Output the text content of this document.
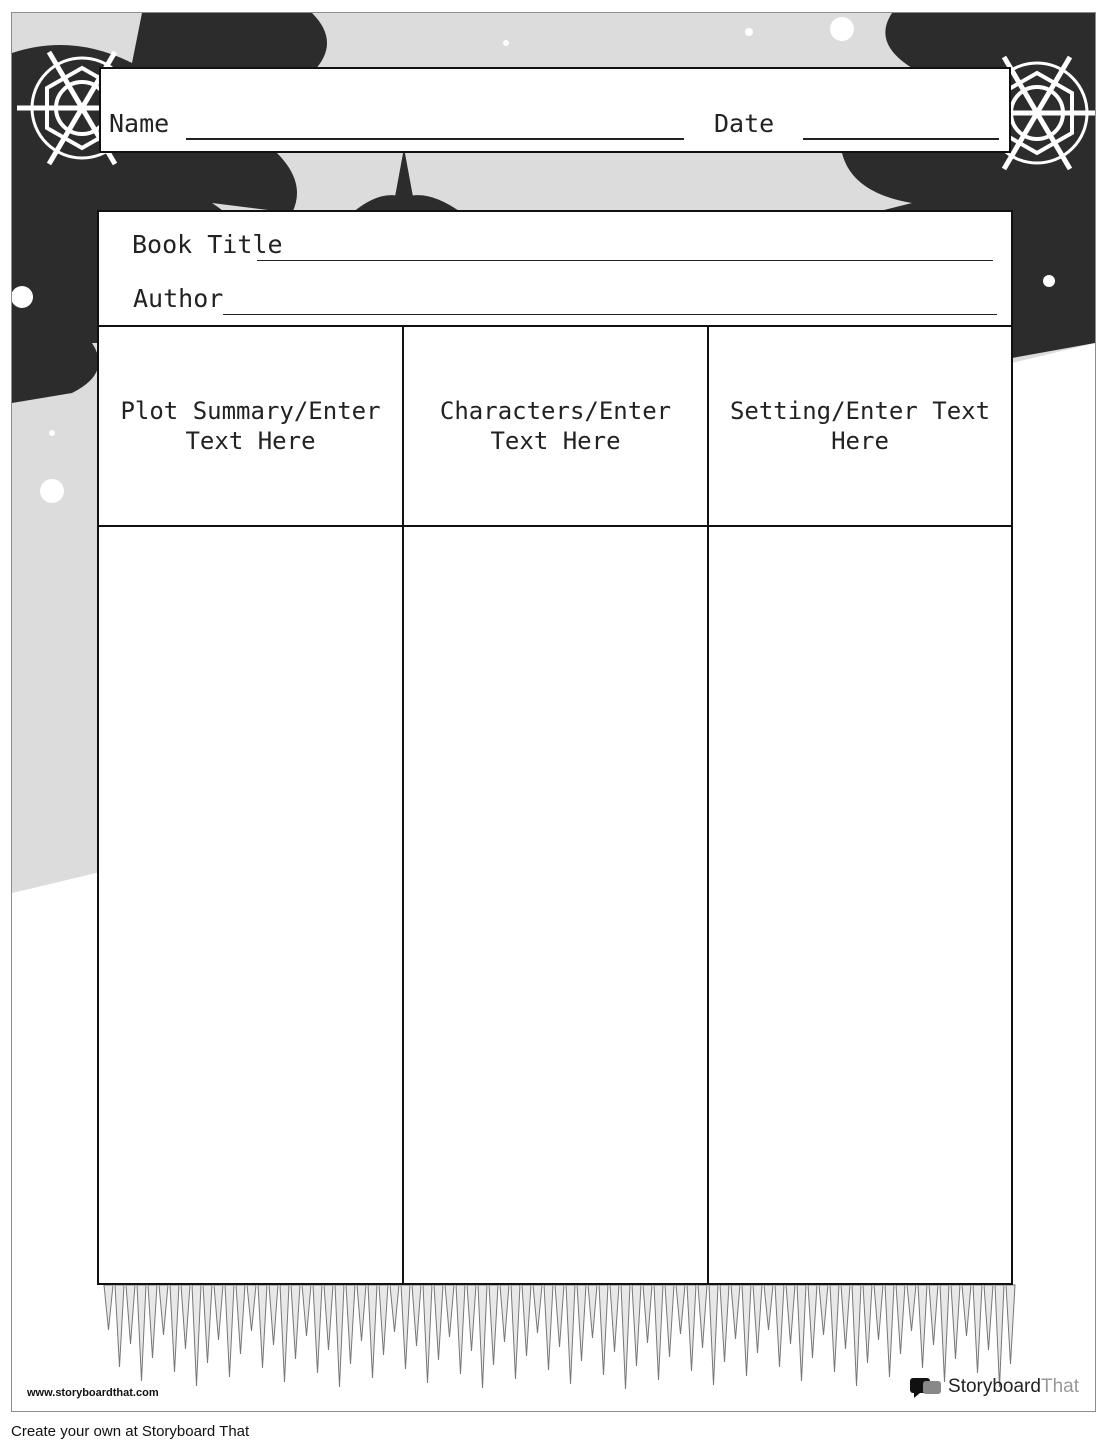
Name	Date
Book Title
Author
Plot Summary/Enter Text Here
Characters/Enter Text Here
Setting/Enter Text Here
www.storyboardthat.com	Storyboard That
Create your own at Storyboard That
